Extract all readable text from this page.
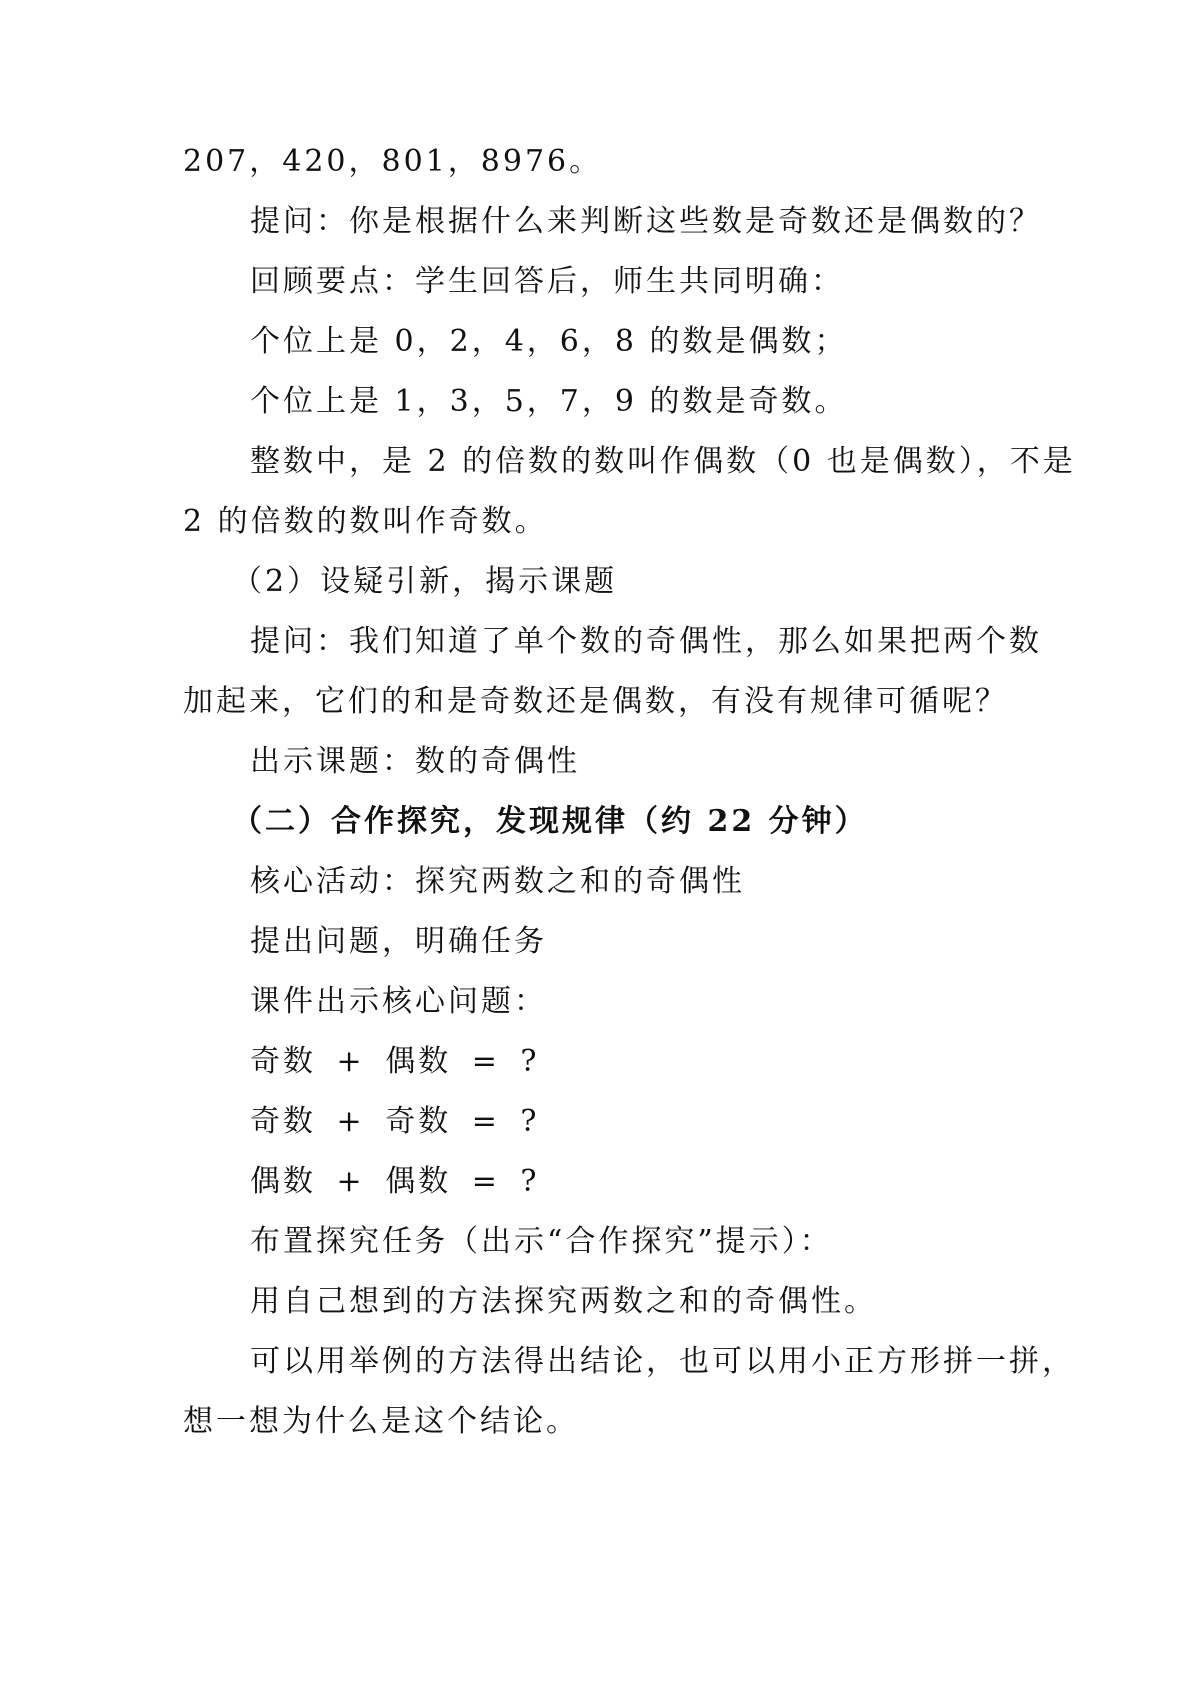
207，420，801，8976。
提问：你是根据什么来判断这些数是奇数还是偶数的？
回顾要点：学生回答后，师生共同明确：
个位上是 0，2，4，6，8 的数是偶数；
个位上是 1，3，5，7，9 的数是奇数。
整数中，是 2 的倍数的数叫作偶数（0 也是偶数），不是
2 的倍数的数叫作奇数。
（2）设疑引新，揭示课题
提问：我们知道了单个数的奇偶性，那么如果把两个数
加起来，它们的和是奇数还是偶数，有没有规律可循呢？
出示课题：数的奇偶性
（二）合作探究，发现规律（约 22 分钟）
核心活动：探究两数之和的奇偶性
提出问题，明确任务
课件出示核心问题：
奇数 + 偶数 = ?
奇数 + 奇数 = ?
偶数 + 偶数 = ?
布置探究任务（出示“合作探究”提示）：
用自己想到的方法探究两数之和的奇偶性。
可以用举例的方法得出结论，也可以用小正方形拼一拼，
想一想为什么是这个结论。
